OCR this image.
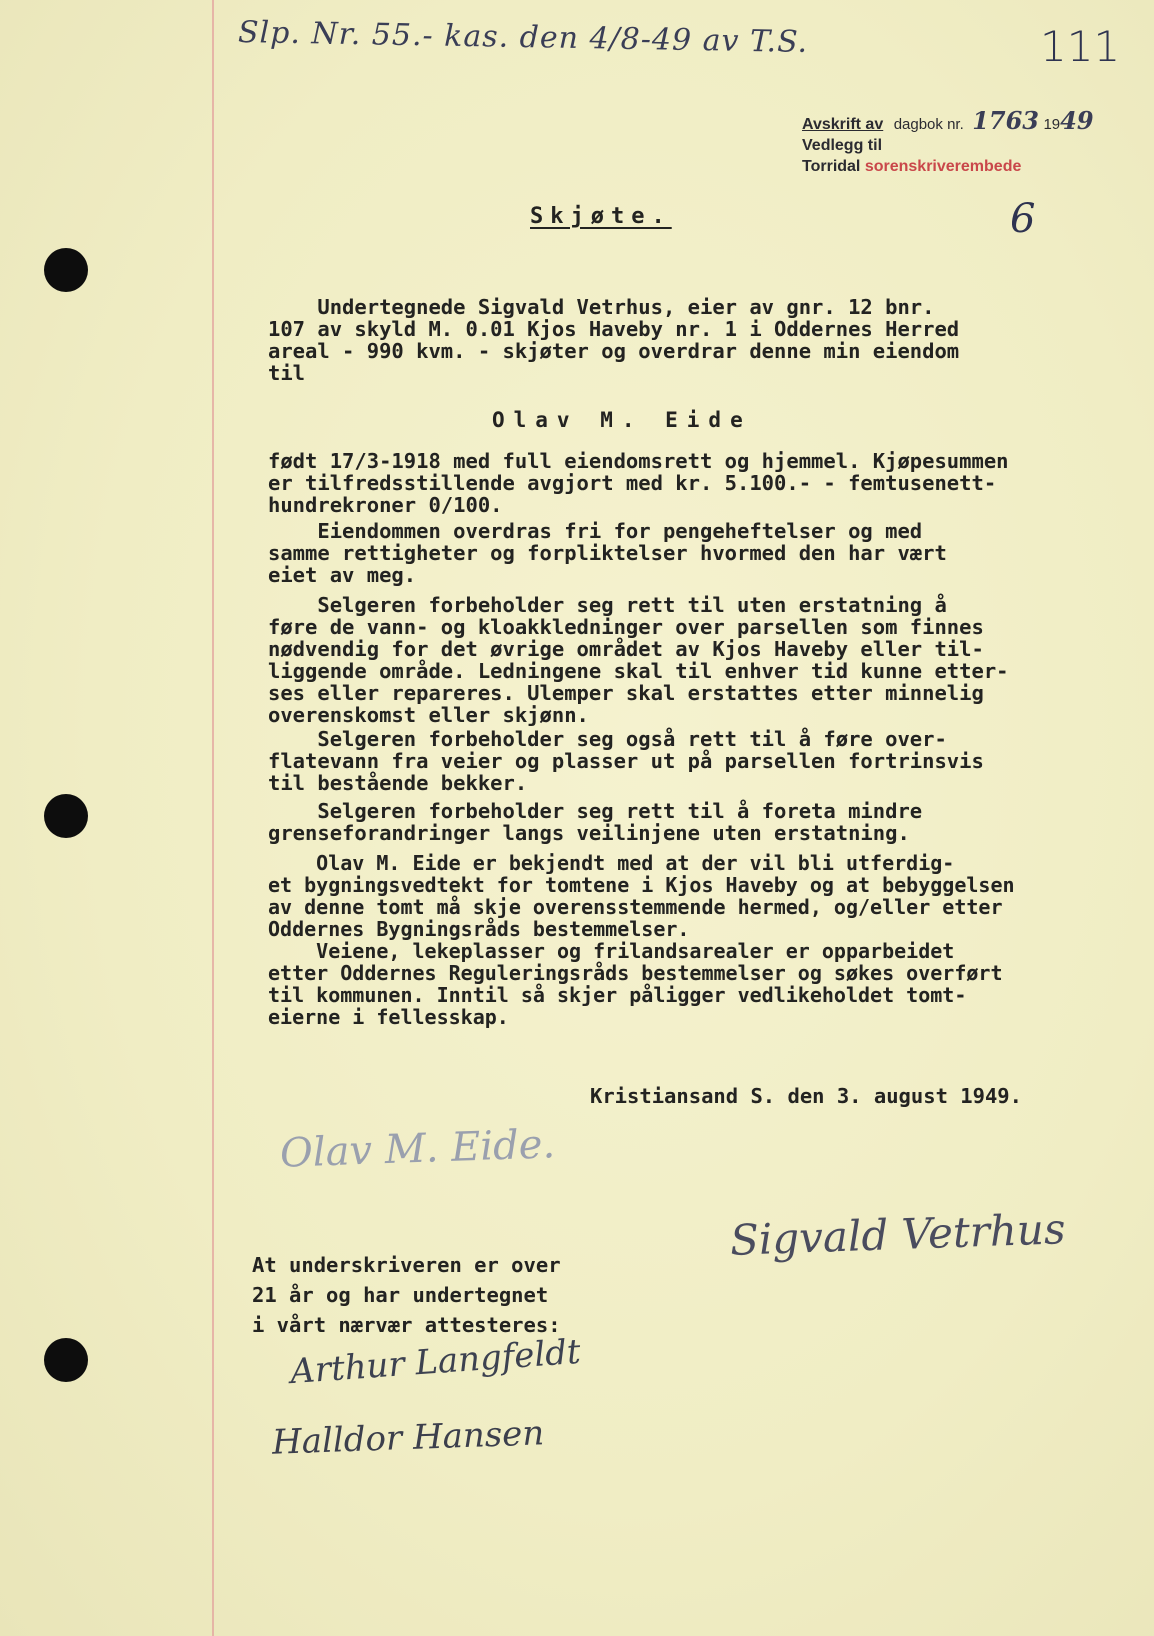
Slp. Nr. 55.- kas. den 4/8-49 av T.S.	111
Avskrift av dagbok nr. 1763 1949
Vedlegg til
Torridal sorenskriverembede
6
Skjøte.
Undertegnede Sigvald Vetrhus, eier av gnr. 12 bnr.
107 av skyld M. 0.01 Kjos Haveby nr. 1 i Oddernes Herred
areal - 990 kvm. - skjøter og overdrar denne min eiendom
til
Olav M. Eide
født 17/3-1918 med full eiendomsrett og hjemmel. Kjøpesummen
er tilfredsstillende avgjort med kr. 5.100.- - femtusenett-
hundrekroner 0/100.
Eiendommen overdras fri for pengeheftelser og med
samme rettigheter og forpliktelser hvormed den har vært
eiet av meg.
Selgeren forbeholder seg rett til uten erstatning å
føre de vann- og kloakkledninger over parsellen som finnes
nødvendig for det øvrige området av Kjos Haveby eller til-
liggende område. Ledningene skal til enhver tid kunne etter-
ses eller repareres. Ulemper skal erstattes etter minnelig
overenskomst eller skjønn.
Selgeren forbeholder seg også rett til å føre over-
flatevann fra veier og plasser ut på parsellen fortrinsvis
til bestående bekker.
Selgeren forbeholder seg rett til å foreta mindre
grenseforandringer langs veilinjene uten erstatning.
Olav M. Eide er bekjendt med at der vil bli utferdig-
et bygningsvedtekt for tomtene i Kjos Haveby og at bebyggelsen
av denne tomt må skje overensstemmende hermed, og/eller etter
Oddernes Bygningsråds bestemmelser.
Veiene, lekeplasser og frilandsarealer er opparbeidet
etter Oddernes Reguleringsråds bestemmelser og søkes overført
til kommunen. Inntil så skjer påligger vedlikeholdet tomt-
eierne i fellesskap.
Kristiansand S. den 3. august 1949.
Olav M. Eide.
Sigvald Vetrhus
At underskriveren er over
21 år og har undertegnet
i vårt nærvær attesteres:
Arthur Langfeldt
Halldor Hansen
